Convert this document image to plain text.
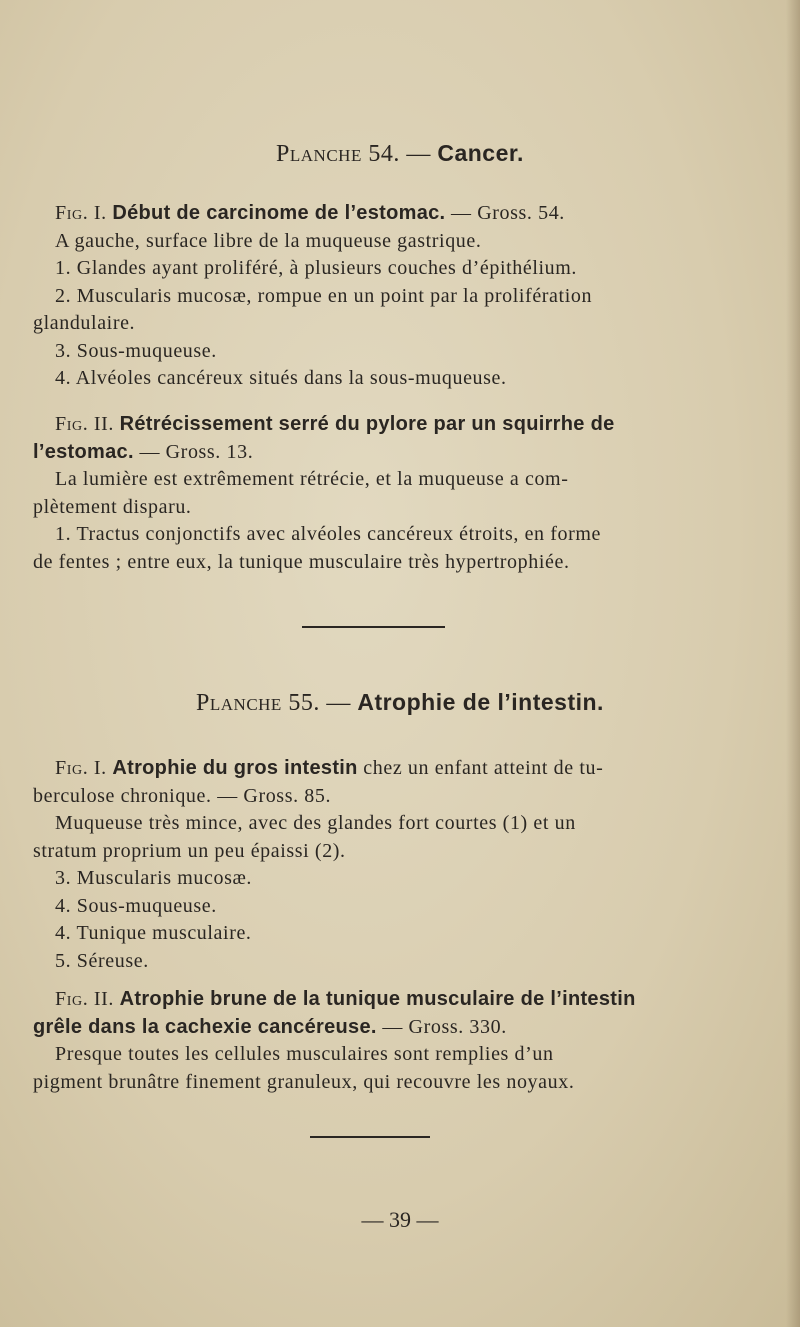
Planche 54. — Cancer.
Fig. I. Début de carcinome de l’estomac. — Gross. 54.
A gauche, surface libre de la muqueuse gastrique.
1. Glandes ayant proliféré, à plusieurs couches d’épithélium.
2. Muscularis mucosæ, rompue en un point par la prolifération
glandulaire.
3. Sous-muqueuse.
4. Alvéoles cancéreux situés dans la sous-muqueuse.
Fig. II. Rétrécissement serré du pylore par un squirrhe de
l’estomac. — Gross. 13.
La lumière est extrêmement rétrécie, et la muqueuse a com-
plètement disparu.
1. Tractus conjonctifs avec alvéoles cancéreux étroits, en forme
de fentes ; entre eux, la tunique musculaire très hypertrophiée.
Planche 55. — Atrophie de l’intestin.
Fig. I. Atrophie du gros intestin chez un enfant atteint de tu-
berculose chronique. — Gross. 85.
Muqueuse très mince, avec des glandes fort courtes (1) et un
stratum proprium un peu épaissi (2).
3. Muscularis mucosæ.
4. Sous-muqueuse.
4. Tunique musculaire.
5. Séreuse.
Fig. II. Atrophie brune de la tunique musculaire de l’intestin
grêle dans la cachexie cancéreuse. — Gross. 330.
Presque toutes les cellules musculaires sont remplies d’un
pigment brunâtre finement granuleux, qui recouvre les noyaux.
— 39 —
